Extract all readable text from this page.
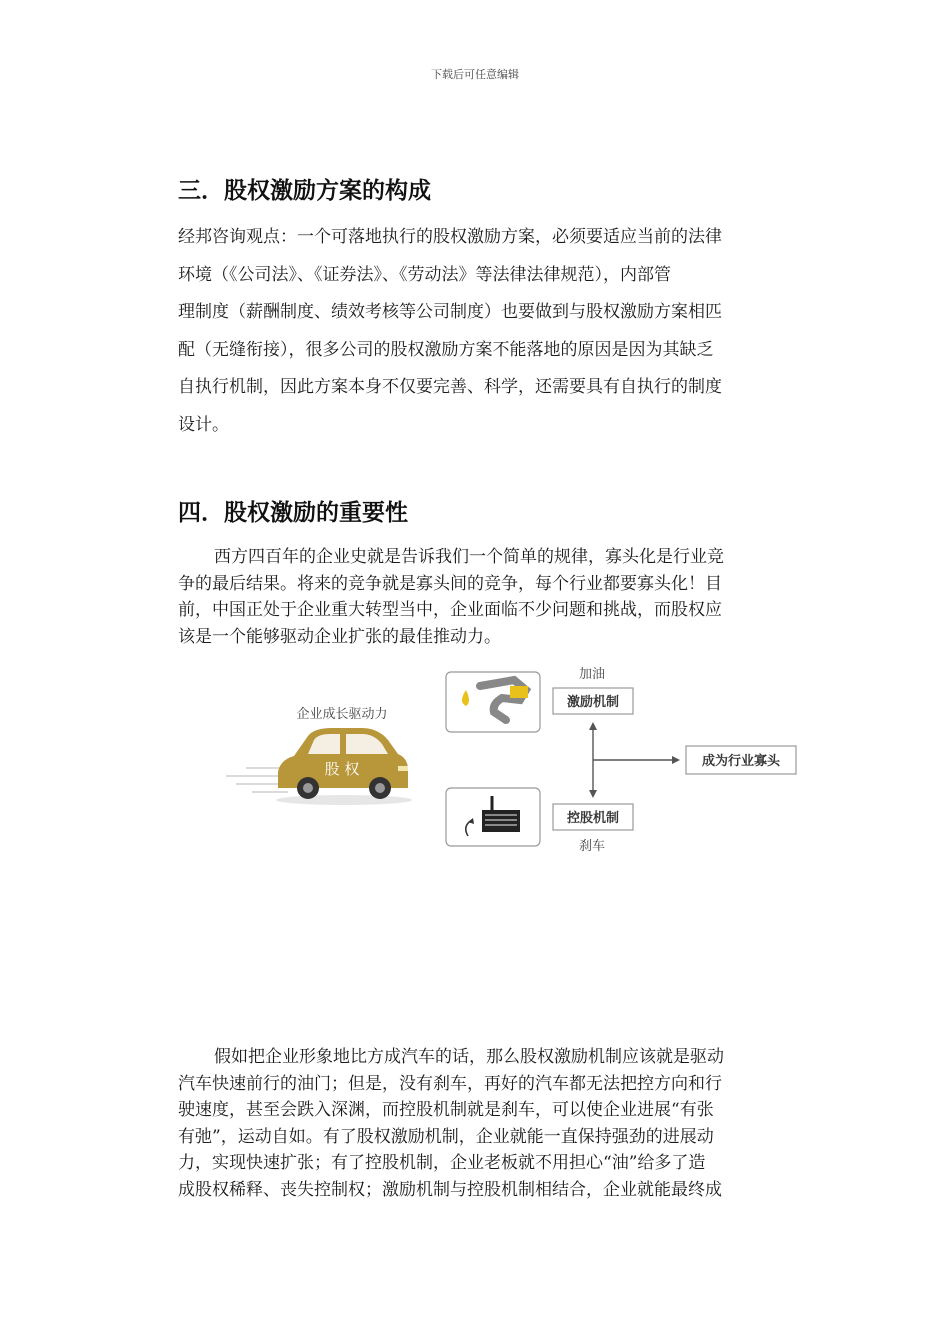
下载后可任意编辑
三．股权激励方案的构成

经邦咨询观点：一个可落地执行的股权激励方案，必须要适应当前的法律
环境（《公司法》、《证券法》、《劳动法》等法律法律规范），内部管
理制度（薪酬制度、绩效考核等公司制度）也要做到与股权激励方案相匹
配（无缝衔接），很多公司的股权激励方案不能落地的原因是因为其缺乏
自执行机制，因此方案本身不仅要完善、科学，还需要具有自执行的制度
设计。

四．股权激励的重要性

西方四百年的企业史就是告诉我们一个简单的规律，寡头化是行业竞
争的最后结果。将来的竞争就是寡头间的竞争，每个行业都要寡头化！目
前，中国正处于企业重大转型当中，企业面临不少问题和挑战，而股权应
该是一个能够驱动企业扩张的最佳推动力。

企业成长驱动力
股 权
加油
激励机制
控股机制
刹车
成为行业寡头

假如把企业形象地比方成汽车的话，那么股权激励机制应该就是驱动
汽车快速前行的油门；但是，没有刹车，再好的汽车都无法把控方向和行
驶速度，甚至会跌入深渊，而控股机制就是刹车，可以使企业进展“有张
有弛”，运动自如。有了股权激励机制，企业就能一直保持强劲的进展动
力，实现快速扩张；有了控股机制，企业老板就不用担心“油”给多了造
成股权稀释、丧失控制权；激励机制与控股机制相结合，企业就能最终成
